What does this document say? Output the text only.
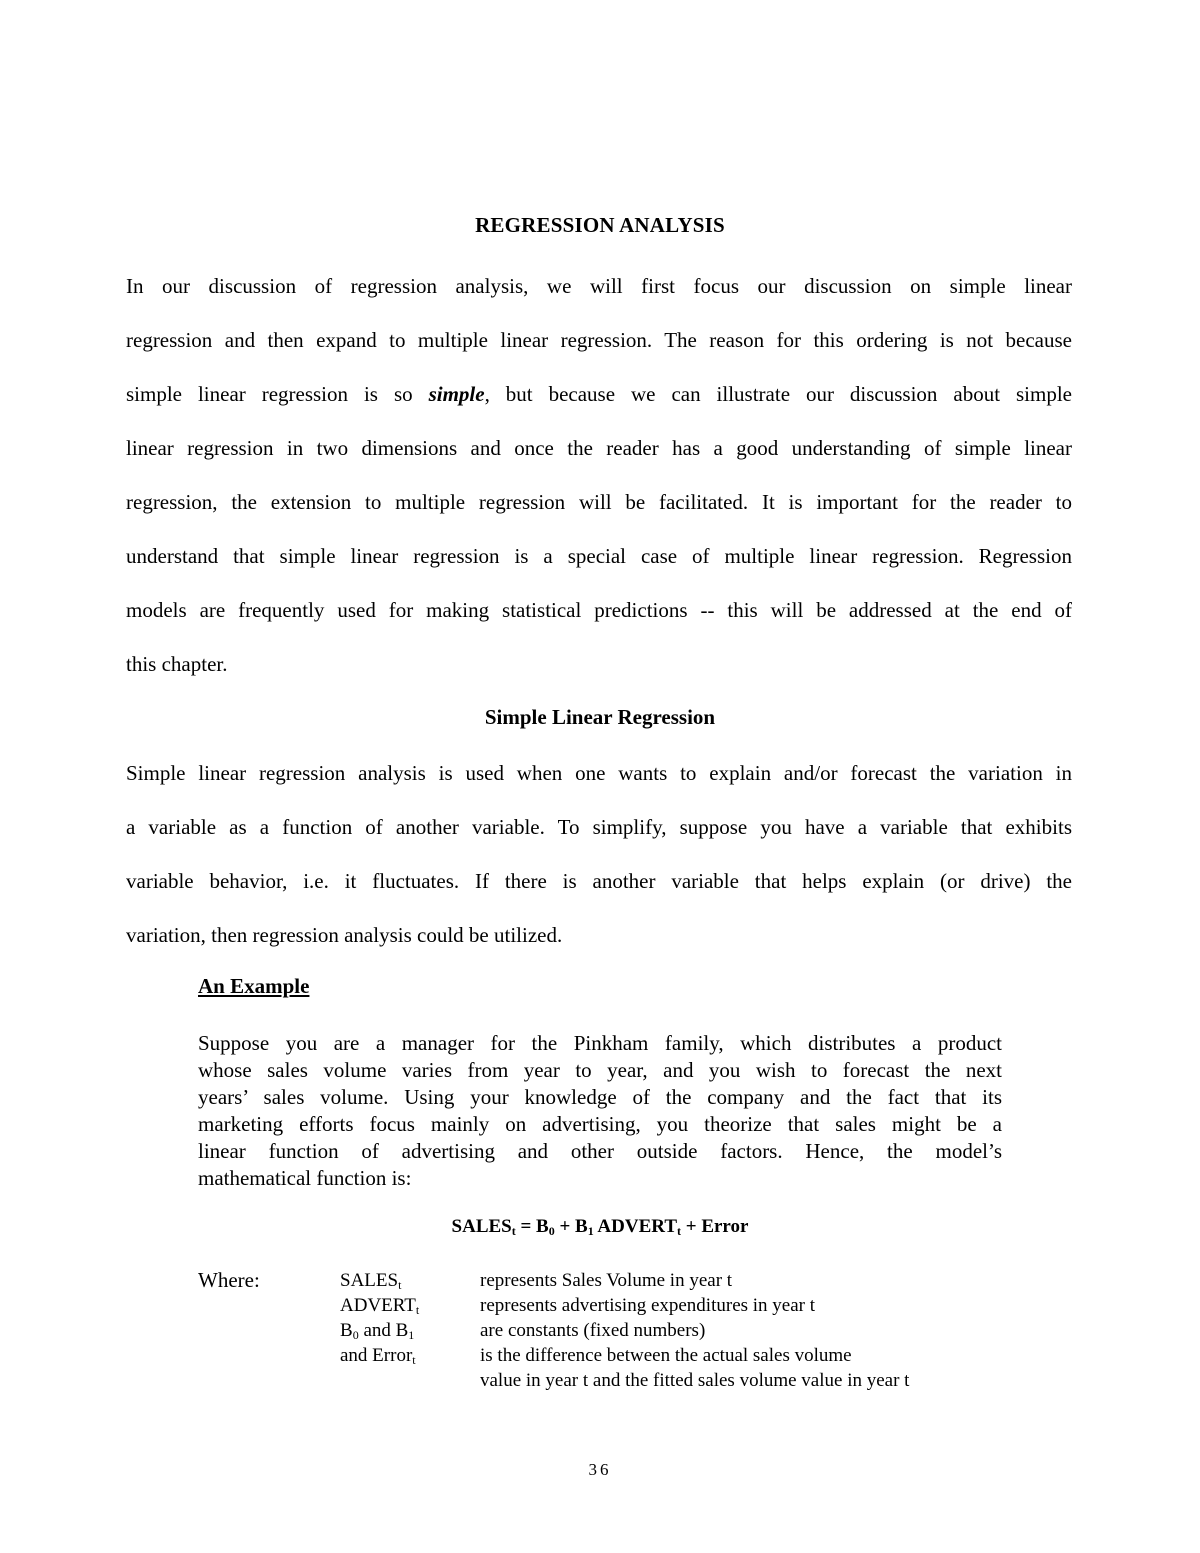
REGRESSION ANALYSIS
In our discussion of regression analysis, we will first focus our discussion on simple linear
regression and then expand to multiple linear regression. The reason for this ordering is not because
simple linear regression is so simple, but because we can illustrate our discussion about simple
linear regression in two dimensions and once the reader has a good understanding of simple linear
regression, the extension to multiple regression will be facilitated. It is important for the reader to
understand that simple linear regression is a special case of multiple linear regression. Regression
models are frequently used for making statistical predictions -- this will be addressed at the end of
this chapter.
Simple Linear Regression
Simple linear regression analysis is used when one wants to explain and/or forecast the variation in
a variable as a function of another variable. To simplify, suppose you have a variable that exhibits
variable behavior, i.e. it fluctuates. If there is another variable that helps explain (or drive) the
variation, then regression analysis could be utilized.
An Example
Suppose you are a manager for the Pinkham family, which distributes a product
whose sales volume varies from year to year, and you wish to forecast the next
years’ sales volume. Using your knowledge of the company and the fact that its
marketing efforts focus mainly on advertising, you theorize that sales might be a
linear function of advertising and other outside factors. Hence, the model’s
mathematical function is:
$SALES_t = B_0 + B_1$ $ADVERT_t$ + Error
Where:	$SALES_t$	represents Sales Volume in year t
$ADVERT_t$	represents advertising expenditures in year t
$B_0$ and $B_1$	are constants (fixed numbers)
and Error$_t$	is the difference between the actual sales volume
value in year t and the fitted sales volume value in year t
36
